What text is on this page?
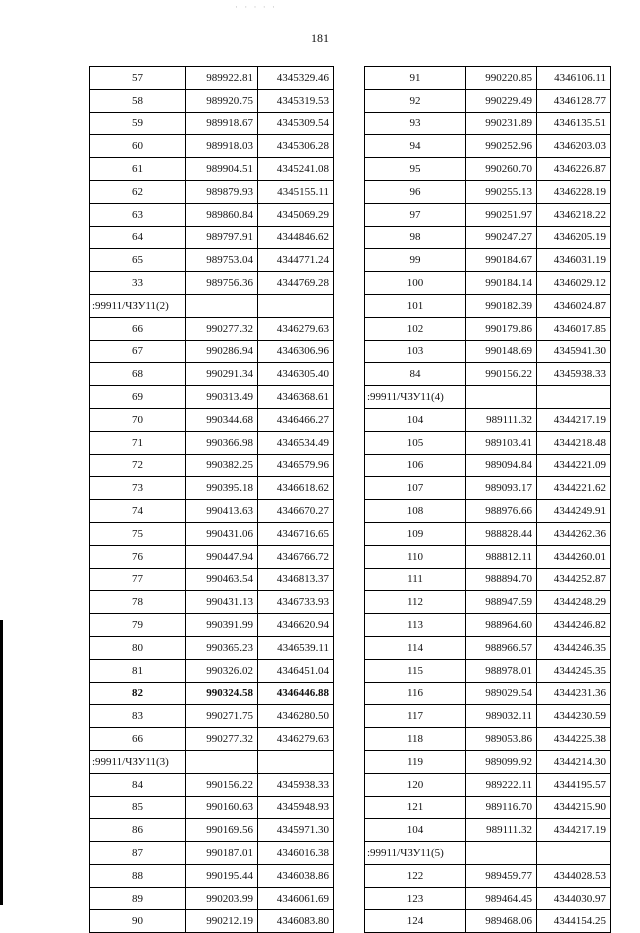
· · · · ·
181
57	989922.81	4345329.46
58	989920.75	4345319.53
59	989918.67	4345309.54
60	989918.03	4345306.28
61	989904.51	4345241.08
62	989879.93	4345155.11
63	989860.84	4345069.29
64	989797.91	4344846.62
65	989753.04	4344771.24
33	989756.36	4344769.28
:99911/ЧЗУ11(2)		
66	990277.32	4346279.63
67	990286.94	4346306.96
68	990291.34	4346305.40
69	990313.49	4346368.61
70	990344.68	4346466.27
71	990366.98	4346534.49
72	990382.25	4346579.96
73	990395.18	4346618.62
74	990413.63	4346670.27
75	990431.06	4346716.65
76	990447.94	4346766.72
77	990463.54	4346813.37
78	990431.13	4346733.93
79	990391.99	4346620.94
80	990365.23	4346539.11
81	990326.02	4346451.04
82	990324.58	4346446.88
83	990271.75	4346280.50
66	990277.32	4346279.63
:99911/ЧЗУ11(3)		
84	990156.22	4345938.33
85	990160.63	4345948.93
86	990169.56	4345971.30
87	990187.01	4346016.38
88	990195.44	4346038.86
89	990203.99	4346061.69
90	990212.19	4346083.80
91	990220.85	4346106.11
92	990229.49	4346128.77
93	990231.89	4346135.51
94	990252.96	4346203.03
95	990260.70	4346226.87
96	990255.13	4346228.19
97	990251.97	4346218.22
98	990247.27	4346205.19
99	990184.67	4346031.19
100	990184.14	4346029.12
101	990182.39	4346024.87
102	990179.86	4346017.85
103	990148.69	4345941.30
84	990156.22	4345938.33
:99911/ЧЗУ11(4)		
104	989111.32	4344217.19
105	989103.41	4344218.48
106	989094.84	4344221.09
107	989093.17	4344221.62
108	988976.66	4344249.91
109	988828.44	4344262.36
110	988812.11	4344260.01
111	988894.70	4344252.87
112	988947.59	4344248.29
113	988964.60	4344246.82
114	988966.57	4344246.35
115	988978.01	4344245.35
116	989029.54	4344231.36
117	989032.11	4344230.59
118	989053.86	4344225.38
119	989099.92	4344214.30
120	989222.11	4344195.57
121	989116.70	4344215.90
104	989111.32	4344217.19
:99911/ЧЗУ11(5)		
122	989459.77	4344028.53
123	989464.45	4344030.97
124	989468.06	4344154.25
